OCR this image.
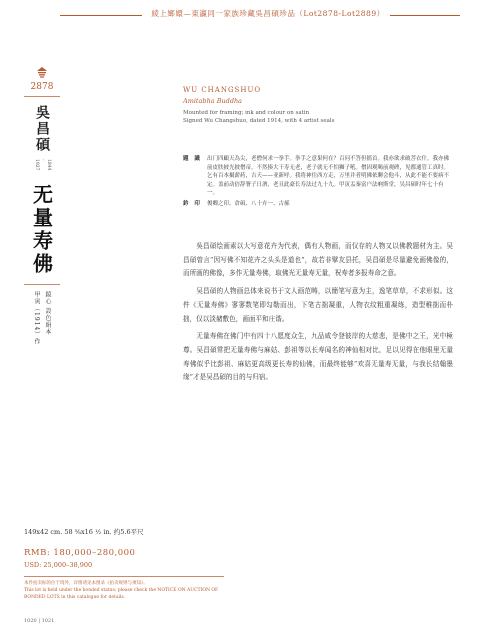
綾上嫏嬛—東瀛同一家族珍藏吳昌碩珍品（Lot2878-Lot2889）
2878
吳昌碩
1844
-
1927
无量寿佛
鏡心 設色絹本
甲寅（1914）作
WU CHANGSHUO
Amitabha Buddha
Mounted for framing; ink and colour on satin
Signed Wu Changshuo, dated 1914, with 4 artist seals
題 識 出门四顧天為尖，老僧何求一拳手。拳手之意果何在？百问不答但摇首。我亦欲求破菩衣什，我亦佛前皮肤披光披僧帝。不然揍大干寿无老，老子就无不怕狮子吼。僧因观喝前观碑，见都通管工真时。乞有百本摄薪药，吉天——亚新呼。我将神往西方走，万里并者明佛依聊会他斗，从此不能不要病不定。盖前动倍辞署子日酒，老且此豪长寿法过九十九。甲寅盂秦富户法吶斯堂，吴昌碩时年七十有一。
鈐 印 俊卿之印、倉碩、八十卉一、古郝

吳昌碩绘画素以大写意花卉为代表，偶有人物画，而仅存的人物又以佛教题材为主。吴昌碩曾言“因写佛不知花卉之头头是道也”，故若非擘友县托，吴昌碩是尽量避免画佛像的，而所画的佛像，多作无量寿佛，取佛光无量寿无量，祝寿者多报寿命之意。

吴昌碩的人物画总体来说书于文人画范畴，以簡笔写意为主，逸笔草草，不求形似。这件《无量寿佛》寥寥数笔即勾勒而出，下笔古拙凝重，人物衣纹粗重凝练，造型稚拙而朴拙，仅以淡赭敷色，画面平和庄谐。

无量寿佛在佛门中有四十八愿度众生，九品咸令登彼岸的大慈悲，是佛中之王，光中極尊。吴昌碩常把无量寿佛与麻姑、彭祖等以长寿闻名的神仙相对比，足以见得在他眼里无量寿佛似乎比彭祖、麻姑更高级更长寿的仙佛，而最终能够“欢喜无量寿无量，与我长结翰墨缘”才是吴昌碩的目的与归宿。

149x42 cm. 58 ⁵⁄₈x16 ¹⁄₂ in. 约5.6平尺
RMB: 180,000–280,000
USD: 25,000–38,900
本件拍卖标的位于境外，详情请见本图录《拍卖规则与须知》。
This lot is held under the bonded status; please check the NOTICE ON AUCTION OF
BONDED LOTS in this catalogue for details.
1020 | 1021
